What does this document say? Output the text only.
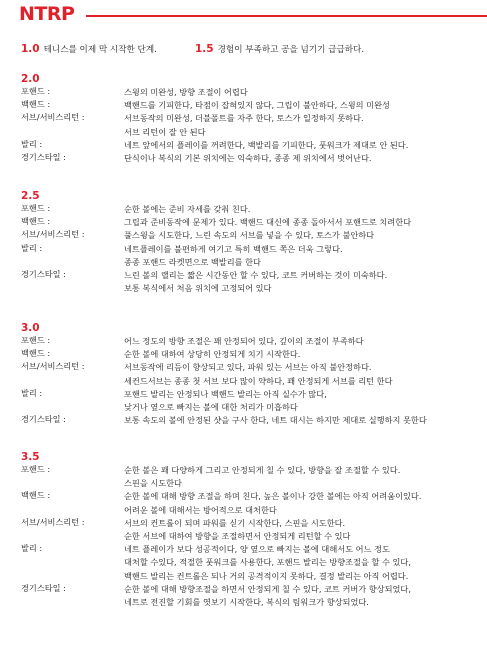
NTRP
1.0 테니스를 이제 막 시작한 단계.	1.5 경험이 부족하고 공을 넘기기 급급하다.
2.0
포핸드 :	스윙의 미완성, 방향 조절이 어렵다
백핸드 :	백핸드를 기피한다, 타점이 잡혀있지 않다, 그립이 불안하다, 스윙의 미완성
서브/서비스리턴 :	서브동작의 미완성, 더블폴트를 자주 한다, 토스가 일정하지 못하다.
서브 리턴이 잘 안 된다
발리 :	네트 앞에서의 플레이를 꺼려한다, 백발리를 기피한다, 풋워크가 제대로 안 된다.
경기스타일 :	단식이나 복식의 기본 위치에는 익숙하다, 종종 제 위치에서 벗어난다.
2.5
포핸드 :	순한 볼에는 준비 자세를 갖춰 친다.
백핸드 :	그립과 준비동작에 문제가 있다. 백핸드 대신에 종종 돌아서서 포핸드로 치려한다
서브/서비스리턴 :	풀스윙을 시도한다, 느린 속도의 서브를 넣을 수 있다, 토스가 불안하다
발리 :	네트플레이를 불편하게 여기고 특히 백핸드 쪽은 더욱 그렇다.
종종 포핸드 라켓면으로 백발리를 한다
경기스타일 :	느린 볼의 랠리는 짧은 시간동안 할 수 있다, 코트 커버하는 것이 미숙하다.
보통 복식에서 처음 위치에 고정되어 있다
3.0
포핸드 :	어느 정도의 방향 조절은 꽤 안정되어 있다, 깊이의 조절이 부족하다
백핸드 :	순한 볼에 대하여 상당히 안정되게 치기 시작한다.
서브/서비스리턴 :	서브동작에 리듬이 향상되고 있다, 파워 있는 서브는 아직 불안정하다.
세컨드서브는 종종 첫 서브 보다 많이 약하다, 꽤 안정되게 서브를 리턴 한다
발리 :	포핸드 발리는 안정되나 백핸드 발리는 아직 실수가 많다,
낮거나 옆으로 빠지는 볼에 대한 처리가 미흡하다
경기스타일 :	보통 속도의 볼에 안정된 샷을 구사 한다, 네트 대시는 하지만 제대로 실행하지 못한다
3.5
포핸드 :	순한 볼은 꽤 다양하게 그리고 안정되게 칠 수 있다, 방향을 잘 조절할 수 있다.
스핀을 시도한다
백핸드 :	순한 볼에 대해 방향 조절을 하며 친다, 높은 볼이나 강한 볼에는 아직 어려움이있다.
어려운 볼에 대해서는 방어적으로 대처한다
서브/서비스리턴 :	서브의 컨트롤이 되며 파워를 싣기 시작한다, 스핀을 시도한다.
순한 서브에 대하여 방향을 조절하면서 안정되게 리턴할 수 있다
발리 :	네트 플레이가 보다 성공적이다, 양 옆으로 빠지는 볼에 대해서도 어느 정도
대처할 수있다, 적절한 풋워크를 사용한다, 포핸드 발리는 방향조절을 할 수 있다,
백핸드 발리는 컨트롤은 되나 거의 공격적이지 못하다, 결정 발리는 아직 어렵다.
경기스타일 :	순한 볼에 대해 방향조절을 하면서 안정되게 칠 수 있다, 코트 커버가 향상되었다,
네트로 전진할 기회를 엿보기 시작한다, 복식의 팀워크가 향상되었다.
